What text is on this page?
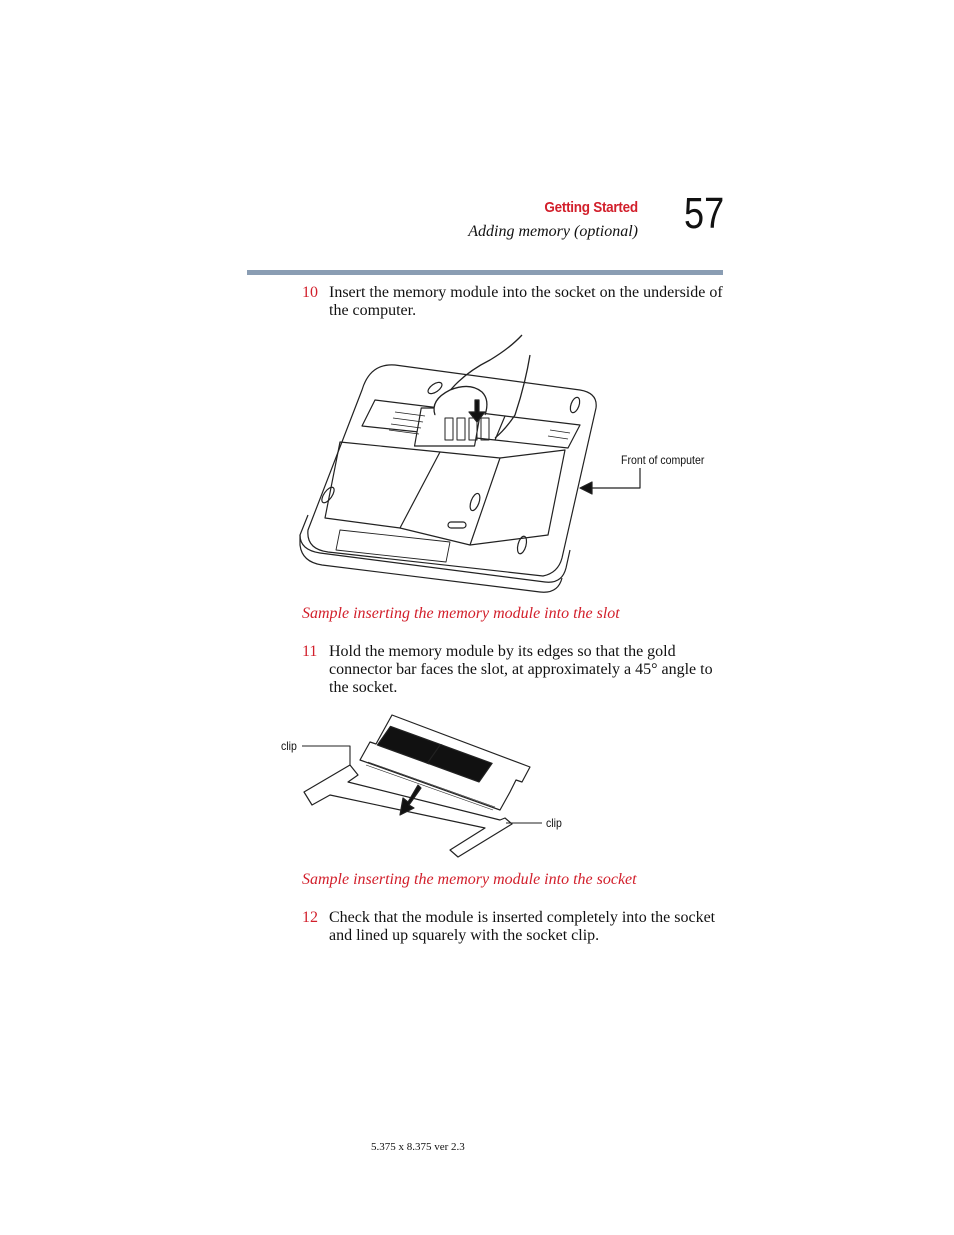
Getting Started
Adding memory (optional) 57
10 Insert the memory module into the socket on the underside of the computer.
Front of computer
Sample inserting the memory module into the slot
11 Hold the memory module by its edges so that the gold connector bar faces the slot, at approximately a 45° angle to the socket.
clip
clip
Sample inserting the memory module into the socket
12 Check that the module is inserted completely into the socket and lined up squarely with the socket clip.
5.375 x 8.375 ver 2.3
